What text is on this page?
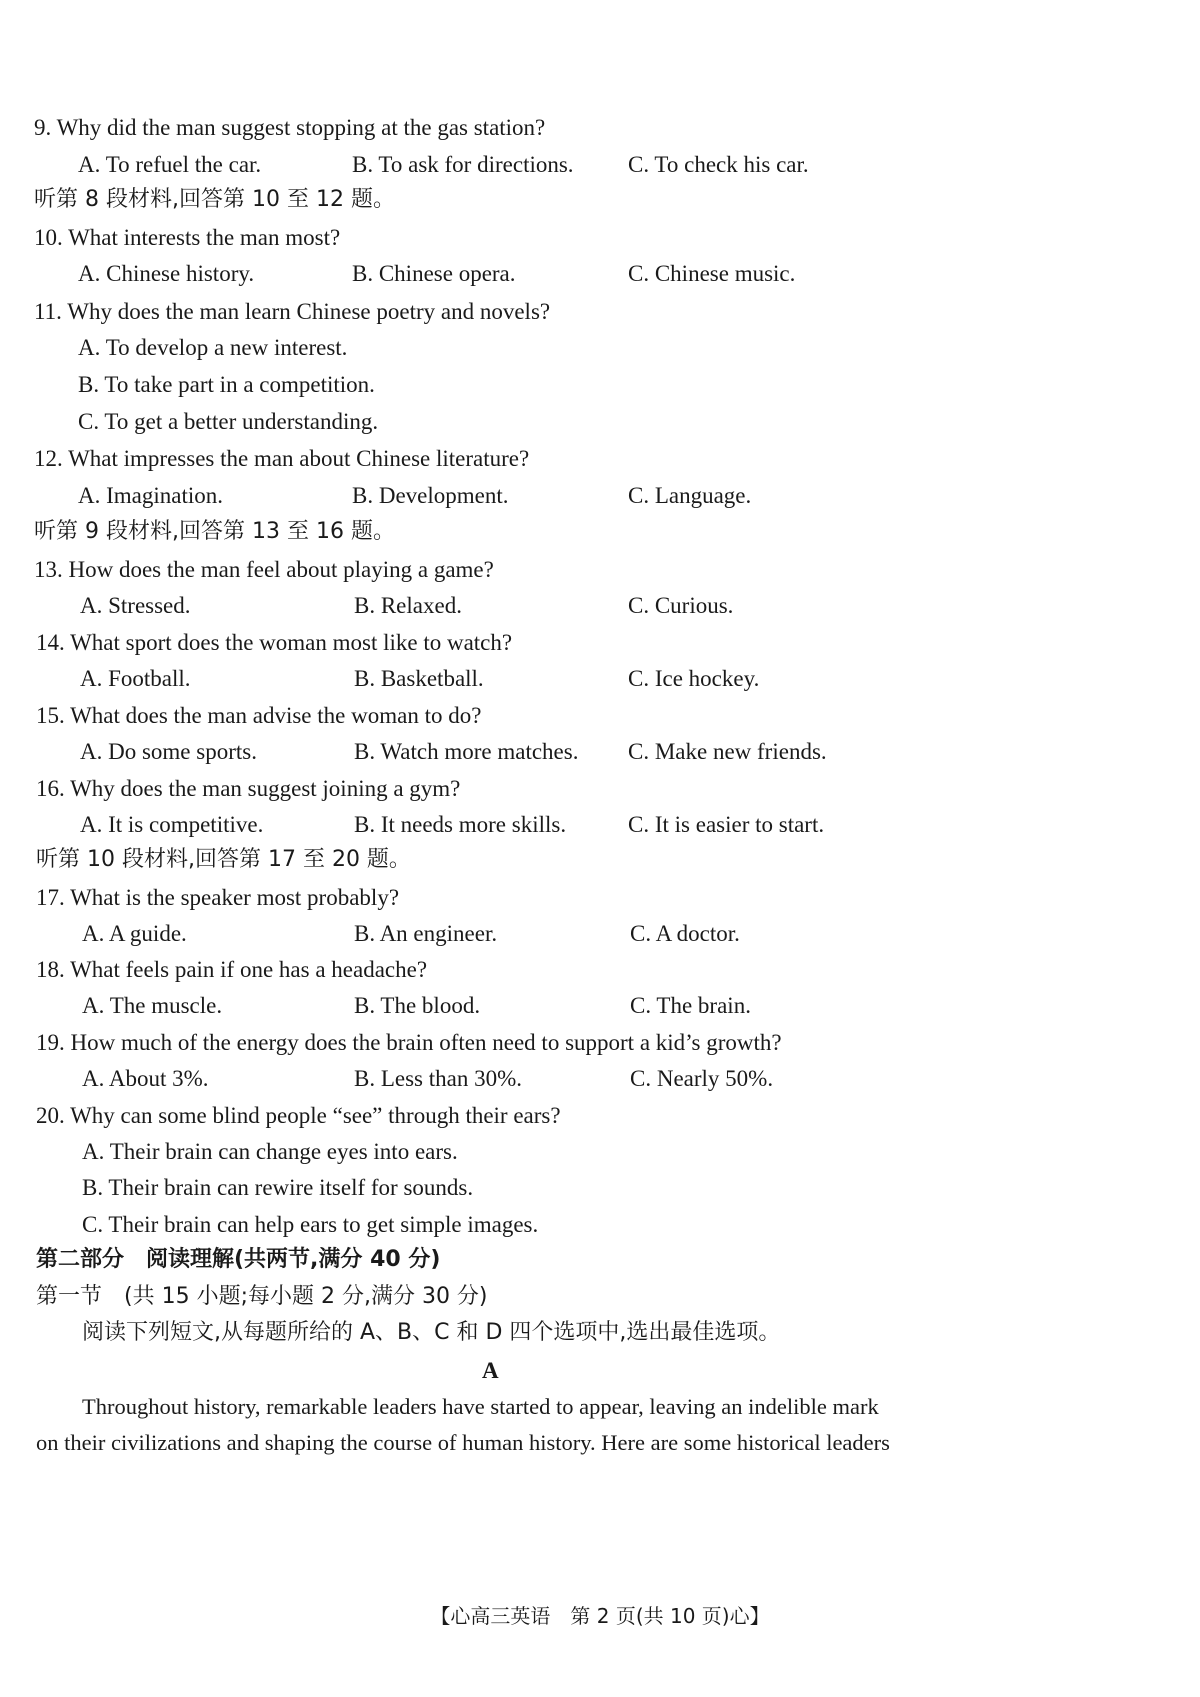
9. Why did the man suggest stopping at the gas station?
A. To refuel the car.	B. To ask for directions. C. To check his car.
听第 8 段材料,回答第 10 至 12 题。
10. What interests the man most?
A. Chinese history.	B. Chinese opera.	C. Chinese music.
11. Why does the man learn Chinese poetry and novels?
A. To develop a new interest.
B. To take part in a competition.
C. To get a better understanding.
12. What impresses the man about Chinese literature?
A. Imagination.	B. Development.	C. Language.
听第 9 段材料,回答第 13 至 16 题。
13. How does the man feel about playing a game?
A. Stressed.	B. Relaxed.	C. Curious.
14. What sport does the woman most like to watch?
A. Football.	B. Basketball.	C. Ice hockey.
15. What does the man advise the woman to do?
A. Do some sports.	B. Watch more matches. C. Make new friends.
16. Why does the man suggest joining a gym?
A. It is competitive.	B. It needs more skills.	C. It is easier to start.
听第 10 段材料,回答第 17 至 20 题。
17. What is the speaker most probably?
A. A guide.	B. An engineer.	C. A doctor.
18. What feels pain if one has a headache?
A. The muscle.	B. The blood.	C. The brain.
19. How much of the energy does the brain often need to support a kid’s growth?
A. About 3%.	B. Less than 30%.	C. Nearly 50%.
20. Why can some blind people “see” through their ears?
A. Their brain can change eyes into ears.
B. Their brain can rewire itself for sounds.
C. Their brain can help ears to get simple images.
第二部分　阅读理解(共两节,满分 40 分)
第一节　(共 15 小题;每小题 2 分,满分 30 分)
阅读下列短文,从每题所给的 A、B、C 和 D 四个选项中,选出最佳选项。
A
Throughout history, remarkable leaders have started to appear, leaving an indelible mark
on their civilizations and shaping the course of human history. Here are some historical leaders
【心高三英语　第 2 页(共 10 页)心】
